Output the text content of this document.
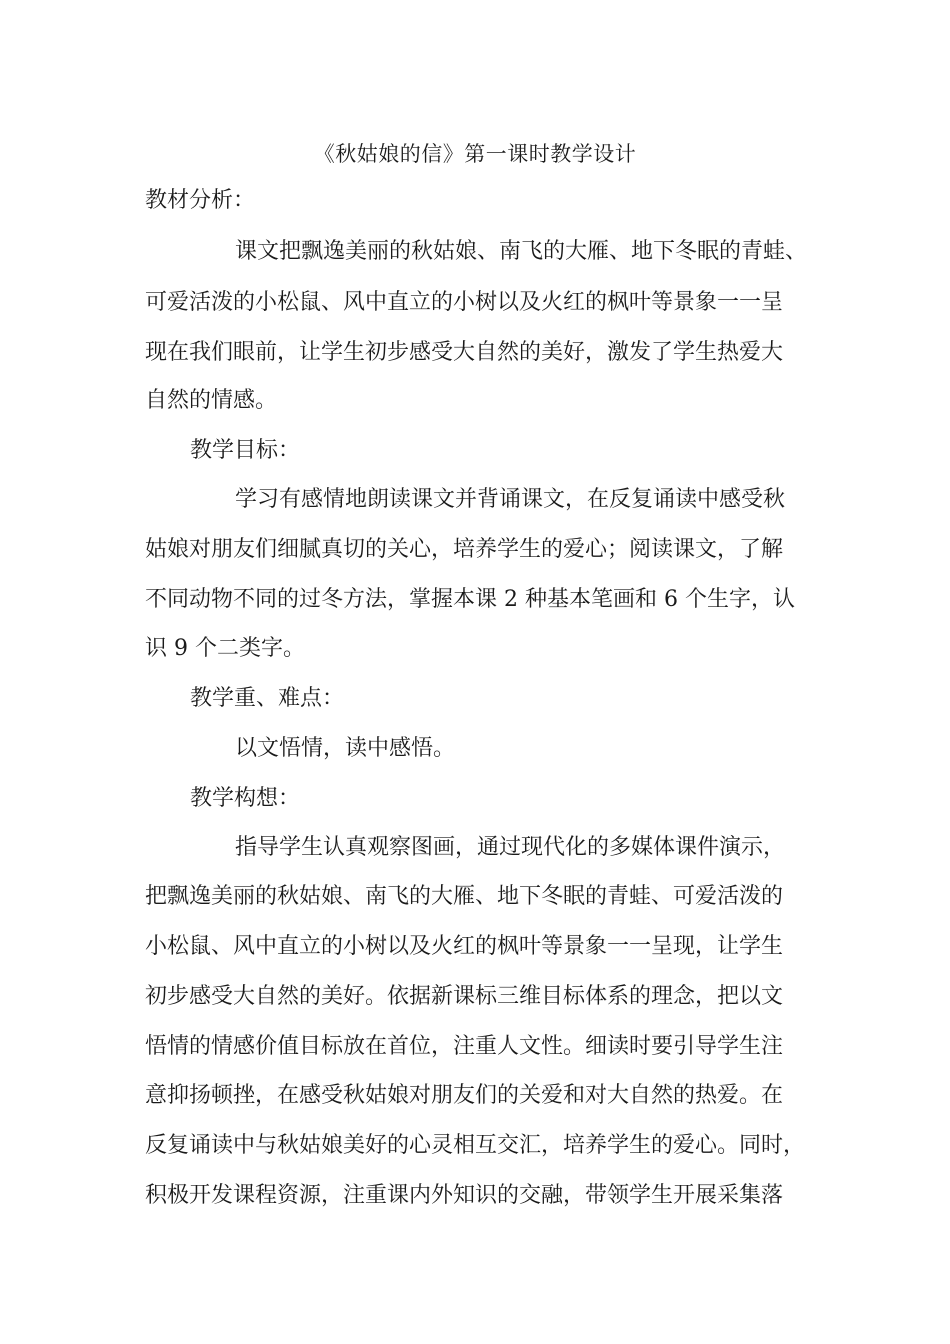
《秋姑娘的信》第一课时教学设计
教材分析：
课文把飘逸美丽的秋姑娘、南飞的大雁、地下冬眠的青蛙、
可爱活泼的小松鼠、风中直立的小树以及火红的枫叶等景象一一呈
现在我们眼前，让学生初步感受大自然的美好，激发了学生热爱大
自然的情感。
教学目标：
学习有感情地朗读课文并背诵课文，在反复诵读中感受秋
姑娘对朋友们细腻真切的关心，培养学生的爱心；阅读课文，了解
不同动物不同的过冬方法，掌握本课 2 种基本笔画和 6 个生字，认
识 9 个二类字。
教学重、难点：
以文悟情，读中感悟。
教学构想：
指导学生认真观察图画，通过现代化的多媒体课件演示，
把飘逸美丽的秋姑娘、南飞的大雁、地下冬眠的青蛙、可爱活泼的
小松鼠、风中直立的小树以及火红的枫叶等景象一一呈现，让学生
初步感受大自然的美好。依据新课标三维目标体系的理念，把以文
悟情的情感价值目标放在首位，注重人文性。细读时要引导学生注
意抑扬顿挫，在感受秋姑娘对朋友们的关爱和对大自然的热爱。在
反复诵读中与秋姑娘美好的心灵相互交汇，培养学生的爱心。同时，
积极开发课程资源，注重课内外知识的交融，带领学生开展采集落
